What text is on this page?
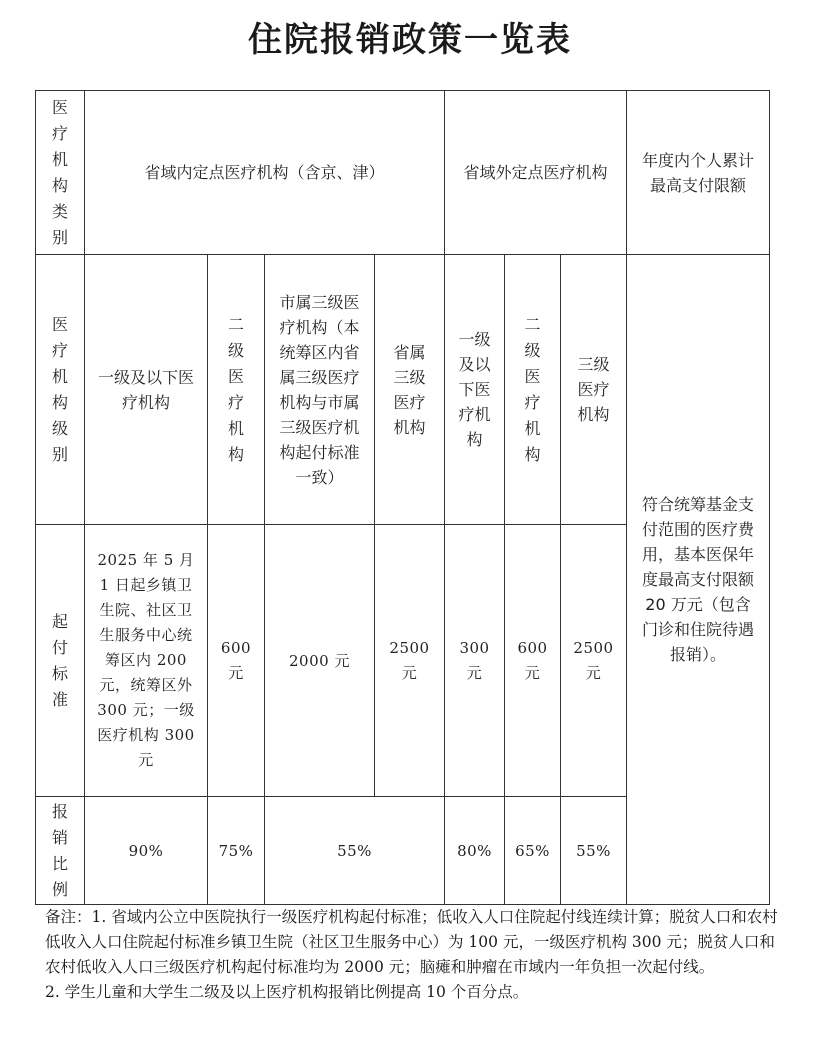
住院报销政策一览表
医疗机构类别	省域内定点医疗机构（含京、津）				省域外定点医疗机构			年度内个人累计最高支付限额

医疗机构级别	一级及以下医疗机构	二级医疗机构	市属三级医疗机构（本统筹区内省属三级医疗机构与市属三级医疗机构起付标准一致）	省属三级医疗机构	一级及以下医疗机构	二级医疗机构	三级医疗机构	符合统筹基金支付范围的医疗费用，基本医保年度最高支付限额 20 万元（包含门诊和住院待遇报销）。

起付标准	2025 年 5 月 1 日起乡镇卫生院、社区卫生服务中心统筹区内 200 元，统筹区外 300 元；一级医疗机构 300 元	600 元	2000 元	2500 元	300 元	600 元	2500 元	

报销比例	90%	75%	55%		80%	65%	55%	

备注：1. 省域内公立中医院执行一级医疗机构起付标准；低收入人口住院起付线连续计算；脱贫人口和农村低收入人口住院起付标准乡镇卫生院（社区卫生服务中心）为 100 元，一级医疗机构 300 元；脱贫人口和农村低收入人口三级医疗机构起付标准均为 2000 元；脑瘫和肿瘤在市域内一年负担一次起付线。

2. 学生儿童和大学生二级及以上医疗机构报销比例提高 10 个百分点。
